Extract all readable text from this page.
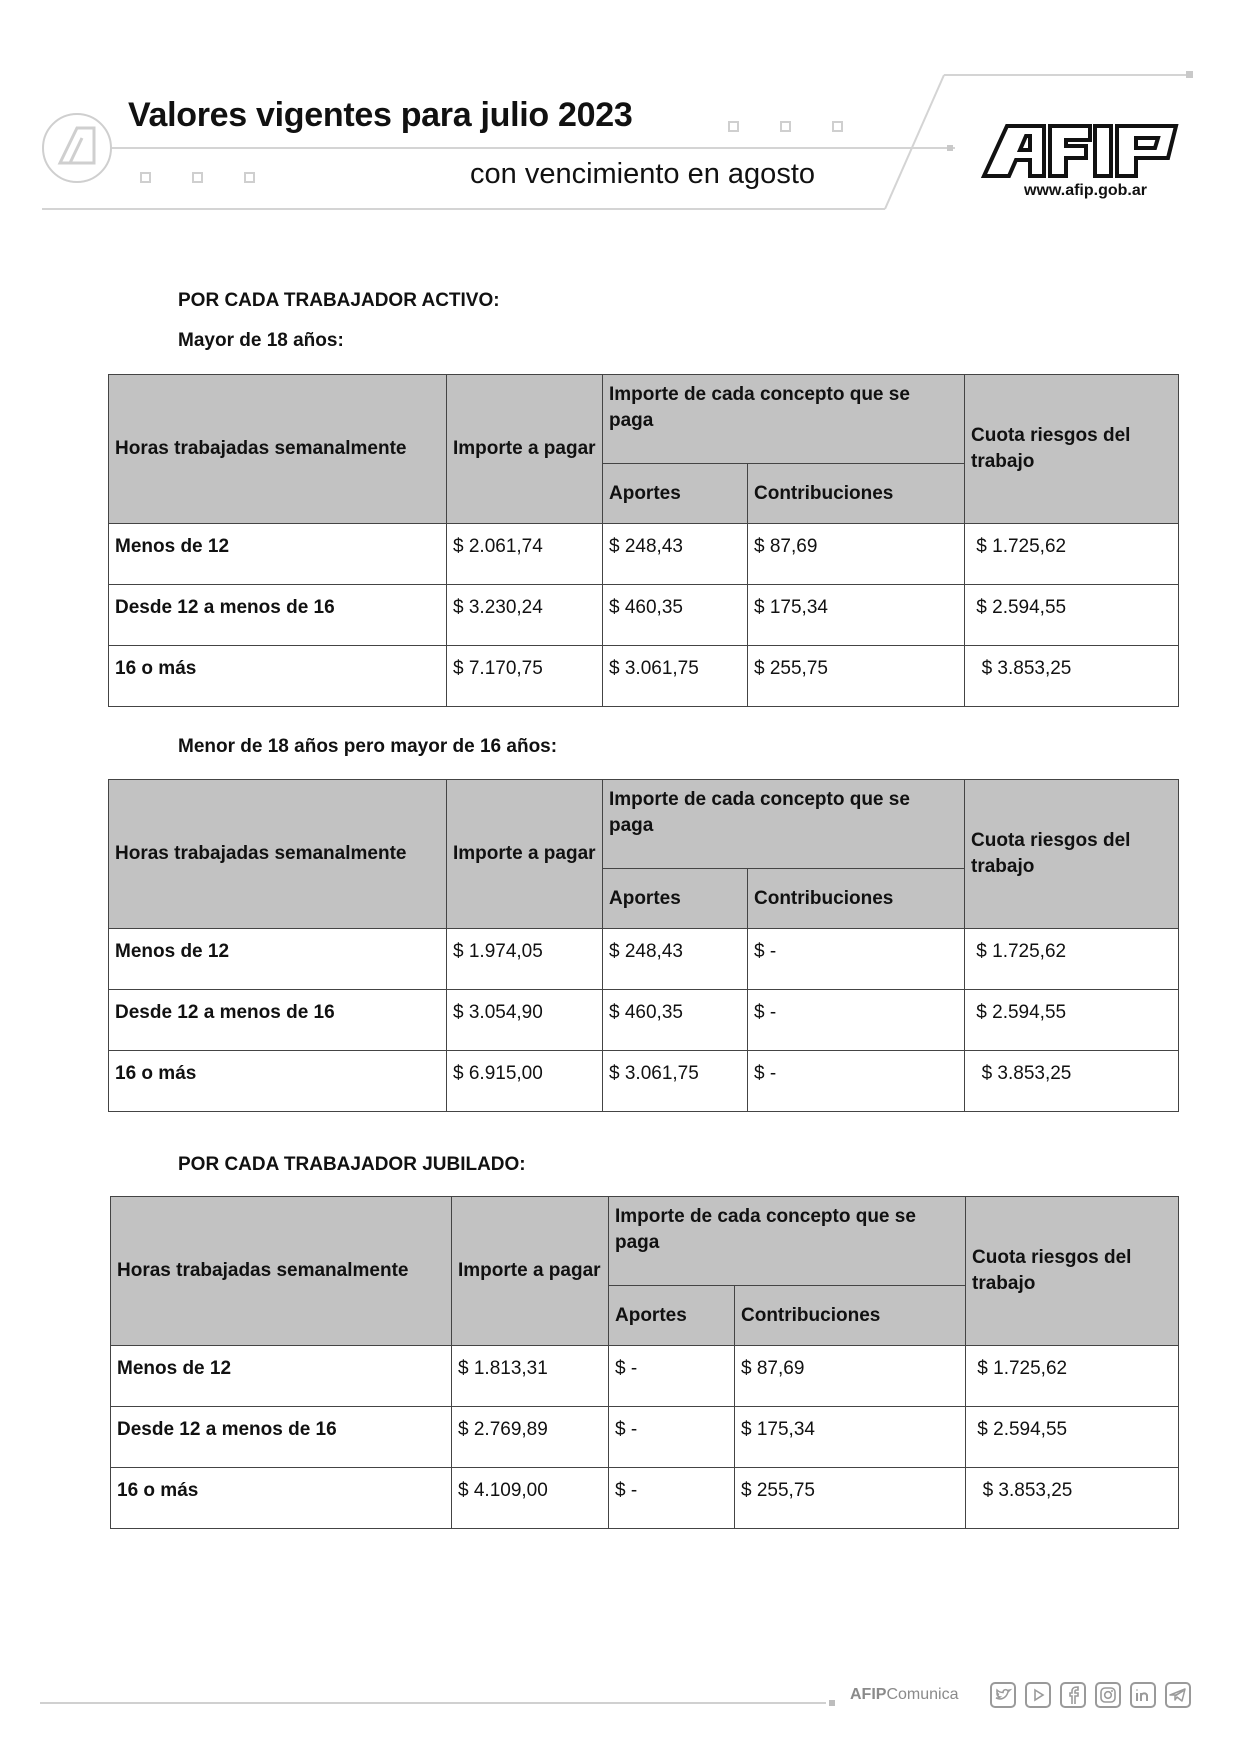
Valores vigentes para julio 2023
con vencimiento en agosto
www.afip.gob.ar
POR CADA TRABAJADOR ACTIVO:
Mayor de 18 años:
Horas trabajadas semanalmente	Importe a pagar	Importe de cada concepto que se paga		Cuota riesgos del trabajo
		Aportes	Contribuciones	
Menos de 12	$ 2.061,74	$ 248,43	$ 87,69	$ 1.725,62
Desde 12 a menos de 16	$ 3.230,24	$ 460,35	$ 175,34	$ 2.594,55
16 o más	$ 7.170,75	$ 3.061,75	$ 255,75	$ 3.853,25
Menor de 18 años pero mayor de 16 años:
Horas trabajadas semanalmente	Importe a pagar	Importe de cada concepto que se paga		Cuota riesgos del trabajo
		Aportes	Contribuciones	
Menos de 12	$ 1.974,05	$ 248,43	$ -	$ 1.725,62
Desde 12 a menos de 16	$ 3.054,90	$ 460,35	$ -	$ 2.594,55
16 o más	$ 6.915,00	$ 3.061,75	$ -	$ 3.853,25
POR CADA TRABAJADOR JUBILADO:
Horas trabajadas semanalmente	Importe a pagar	Importe de cada concepto que se paga		Cuota riesgos del trabajo
		Aportes	Contribuciones	
Menos de 12	$ 1.813,31	$ -	$ 87,69	$ 1.725,62
Desde 12 a menos de 16	$ 2.769,89	$ -	$ 175,34	$ 2.594,55
16 o más	$ 4.109,00	$ -	$ 255,75	$ 3.853,25
AFIPComunica
